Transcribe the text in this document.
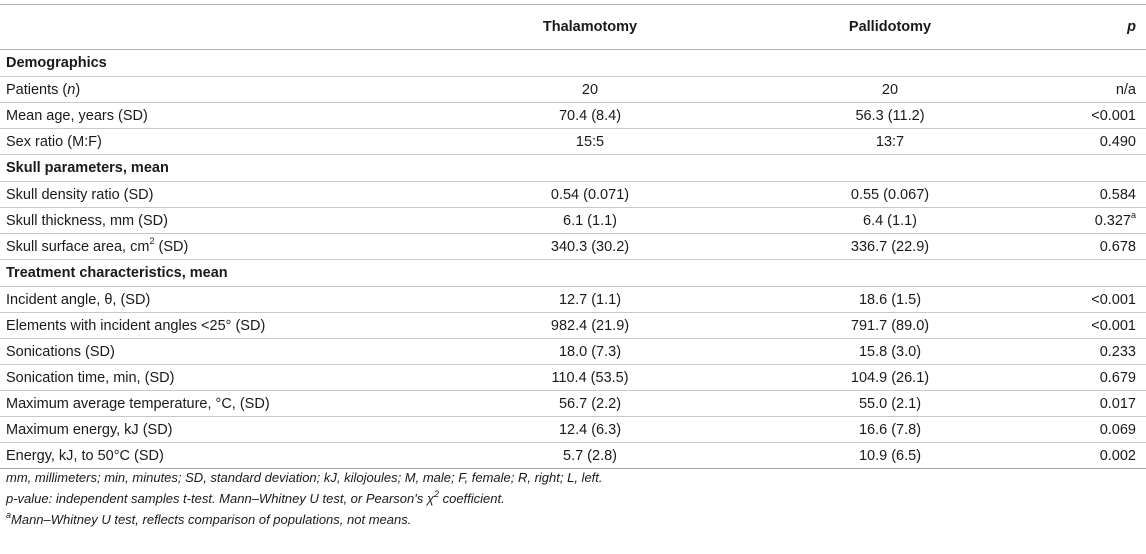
	Thalamotomy	Pallidotomy	p
Demographics			
Patients (n)	20	20	n/a
Mean age, years (SD)	70.4 (8.4)	56.3 (11.2)	<0.001
Sex ratio (M:F)	15:5	13:7	0.490
Skull parameters, mean			
Skull density ratio (SD)	0.54 (0.071)	0.55 (0.067)	0.584
Skull thickness, mm (SD)	6.1 (1.1)	6.4 (1.1)	0.327$^a$
Skull surface area, $cm^2$ (SD)	340.3 (30.2)	336.7 (22.9)	0.678
Treatment characteristics, mean			
Incident angle, θ, (SD)	12.7 (1.1)	18.6 (1.5)	<0.001
Elements with incident angles <25° (SD)	982.4 (21.9)	791.7 (89.0)	<0.001
Sonications (SD)	18.0 (7.3)	15.8 (3.0)	0.233
Sonication time, min, (SD)	110.4 (53.5)	104.9 (26.1)	0.679
Maximum average temperature, °C, (SD)	56.7 (2.2)	55.0 (2.1)	0.017
Maximum energy, kJ (SD)	12.4 (6.3)	16.6 (7.8)	0.069
Energy, kJ, to 50°C (SD)	5.7 (2.8)	10.9 (6.5)	0.002
mm, millimeters; min, minutes; SD, standard deviation; kJ, kilojoules; M, male; F, female; R, right; L, left.
p-value: independent samples t-test. Mann–Whitney U test, or Pearson's $\chi^2$ coefficient.
$^a$Mann–Whitney U test, reflects comparison of populations, not means.
